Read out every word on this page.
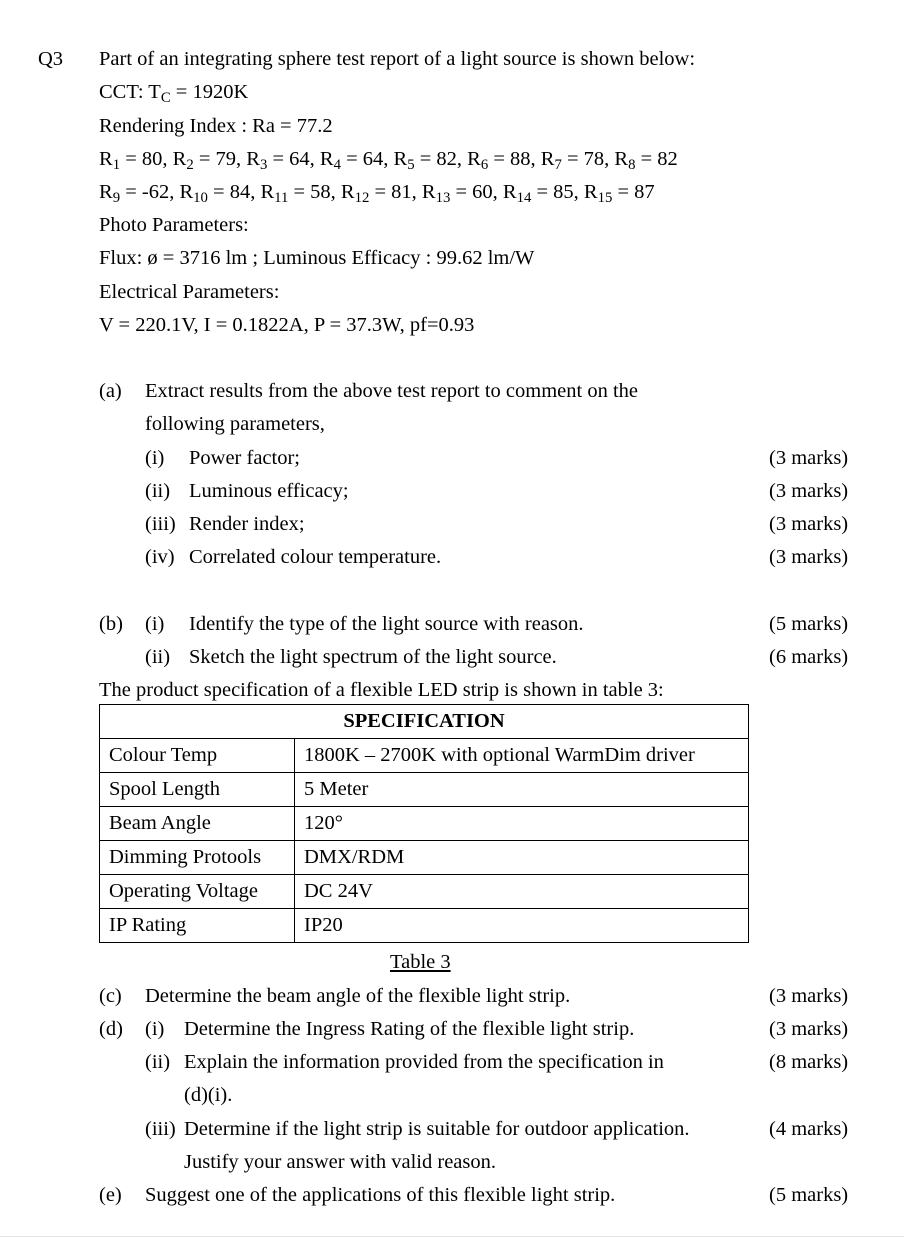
Q3 Part of an integrating sphere test report of a light source is shown below:
CCT: $T_C = 1920K$
Rendering Index : Ra = 77.2
$R_1 = 80$, $R_2 = 79$, $R_3 = 64$, $R_4 = 64$, $R_5 = 82$, $R_6 = 88$, $R_7 = 78$, $R_8 = 82$
$R_9 = -62$, $R_{10} = 84$, $R_{11} = 58$, $R_{12} = 81$, $R_{13} = 60$, $R_{14} = 85$, $R_{15} = 87$
Photo Parameters:
Flux: ø = 3716 lm ; Luminous Efficacy : 99.62 lm/W
Electrical Parameters:
V = 220.1V, I = 0.1822A, P = 37.3W, pf=0.93
(a) Extract results from the above test report to comment on the
following parameters,
(i) Power factor;	(3 marks)
(ii) Luminous efficacy;	(3 marks)
(iii) Render index;	(3 marks)
(iv) Correlated colour temperature.	(3 marks)
(b) (i) Identify the type of the light source with reason.	(5 marks)
(ii) Sketch the light spectrum of the light source.	(6 marks)
The product specification of a flexible LED strip is shown in table 3:
SPECIFICATION	
Colour Temp	1800K – 2700K with optional WarmDim driver
Spool Length	5 Meter
Beam Angle	120°
Dimming Protools	DMX/RDM
Operating Voltage	DC 24V
IP Rating	IP20
Table 3
(c) Determine the beam angle of the flexible light strip.	(3 marks)
(d) (i) Determine the Ingress Rating of the flexible light strip.	(3 marks)
(ii) Explain the information provided from the specification in	(8 marks)
(d)(i).
(iii) Determine if the light strip is suitable for outdoor application.	(4 marks)
Justify your answer with valid reason.
(e) Suggest one of the applications of this flexible light strip.	(5 marks)
